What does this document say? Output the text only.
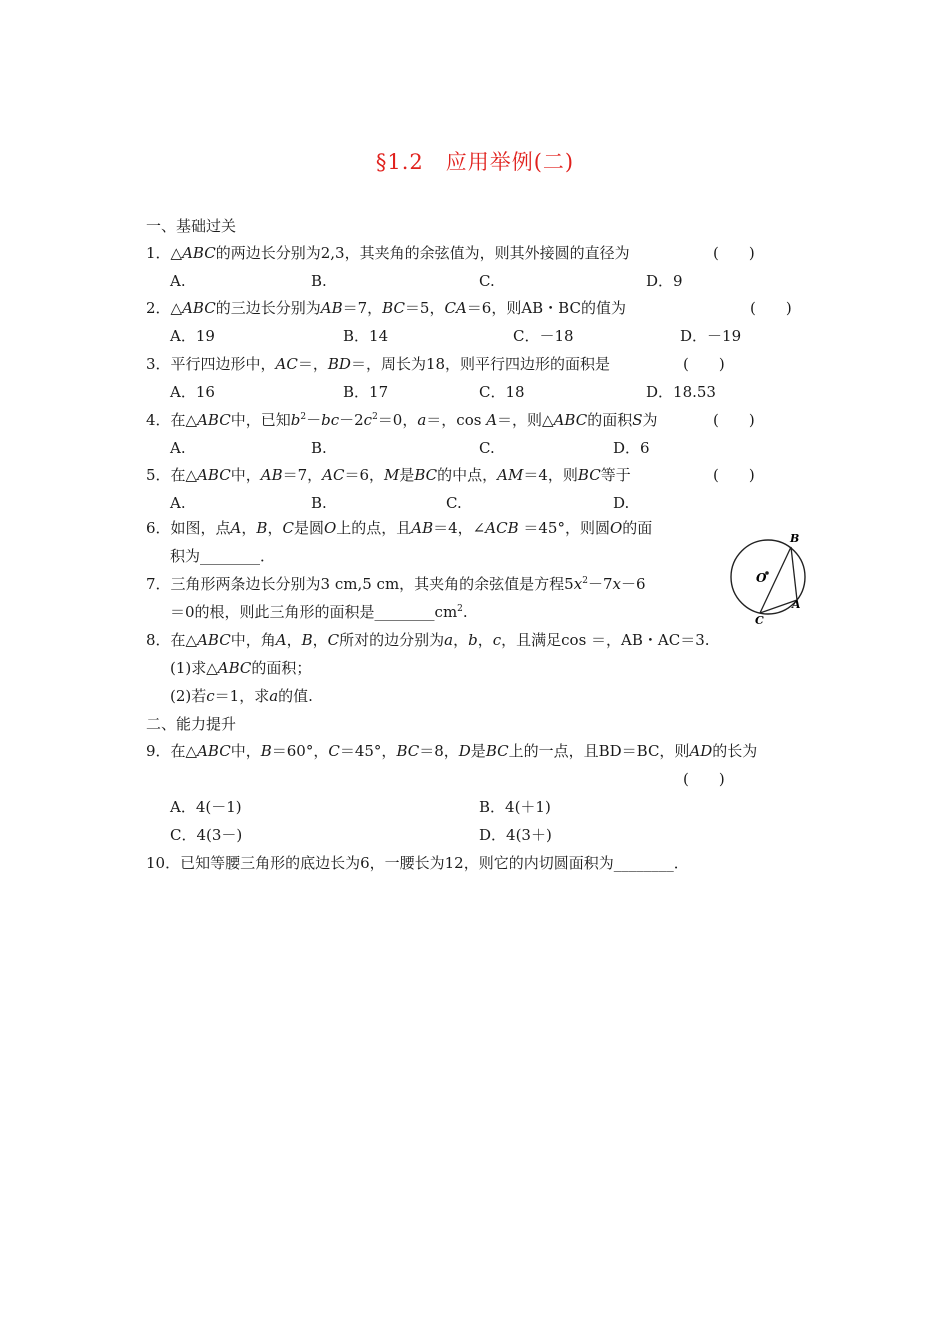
§1.2　应用举例(二)
一、基础过关
1．△ABC的两边长分别为2,3，其夹角的余弦值为，则其外接圆的直径为	(　　)
A.	B.	C.	D．9
2．△ABC的三边长分别为AB＝7，BC＝5，CA＝6，则AB・BC的值为	(　　)
A．19	B．14	C．－18	D．－19
3．平行四边形中，AC＝，BD＝，周长为18，则平行四边形的面积是	(　　)
A．16	B．17	C．18	D．18.53
4．在△ABC中，已知$b^2-bc-2c^2=0$，a＝，cos A＝，则△ABC的面积S为	(　　)
A.	B.	C.	D．6
5．在△ABC中，AB＝7，AC＝6，M是BC的中点，AM＝4，则BC等于	(　　)
A.	B.	C.	D.
6．如图，点A，B，C是圆O上的点，且AB＝4，∠ACB ＝45°，则圆O的面
积为________．
B
O
A
C
7．三角形两条边长分别为3 cm,5 cm，其夹角的余弦值是方程$5x^2-7x-6$
＝0的根，则此三角形的面积是$\_\_\_\_\_\_\_\_cm^2$.
8．在△ABC中，角A，B，C所对的边分别为a，b，c，且满足cos ＝，AB・AC＝3.
(1)求△ABC的面积；
(2)若c＝1，求a的值.
二、能力提升
9．在△ABC中，B＝60°，C＝45°，BC＝8，D是BC上的一点，且BD＝BC，则AD的长为
(　　)
A．4(－1)	B．4(＋1)
C．4(3－)	D．4(3＋)
10．已知等腰三角形的底边长为6，一腰长为12，则它的内切圆面积为________．
